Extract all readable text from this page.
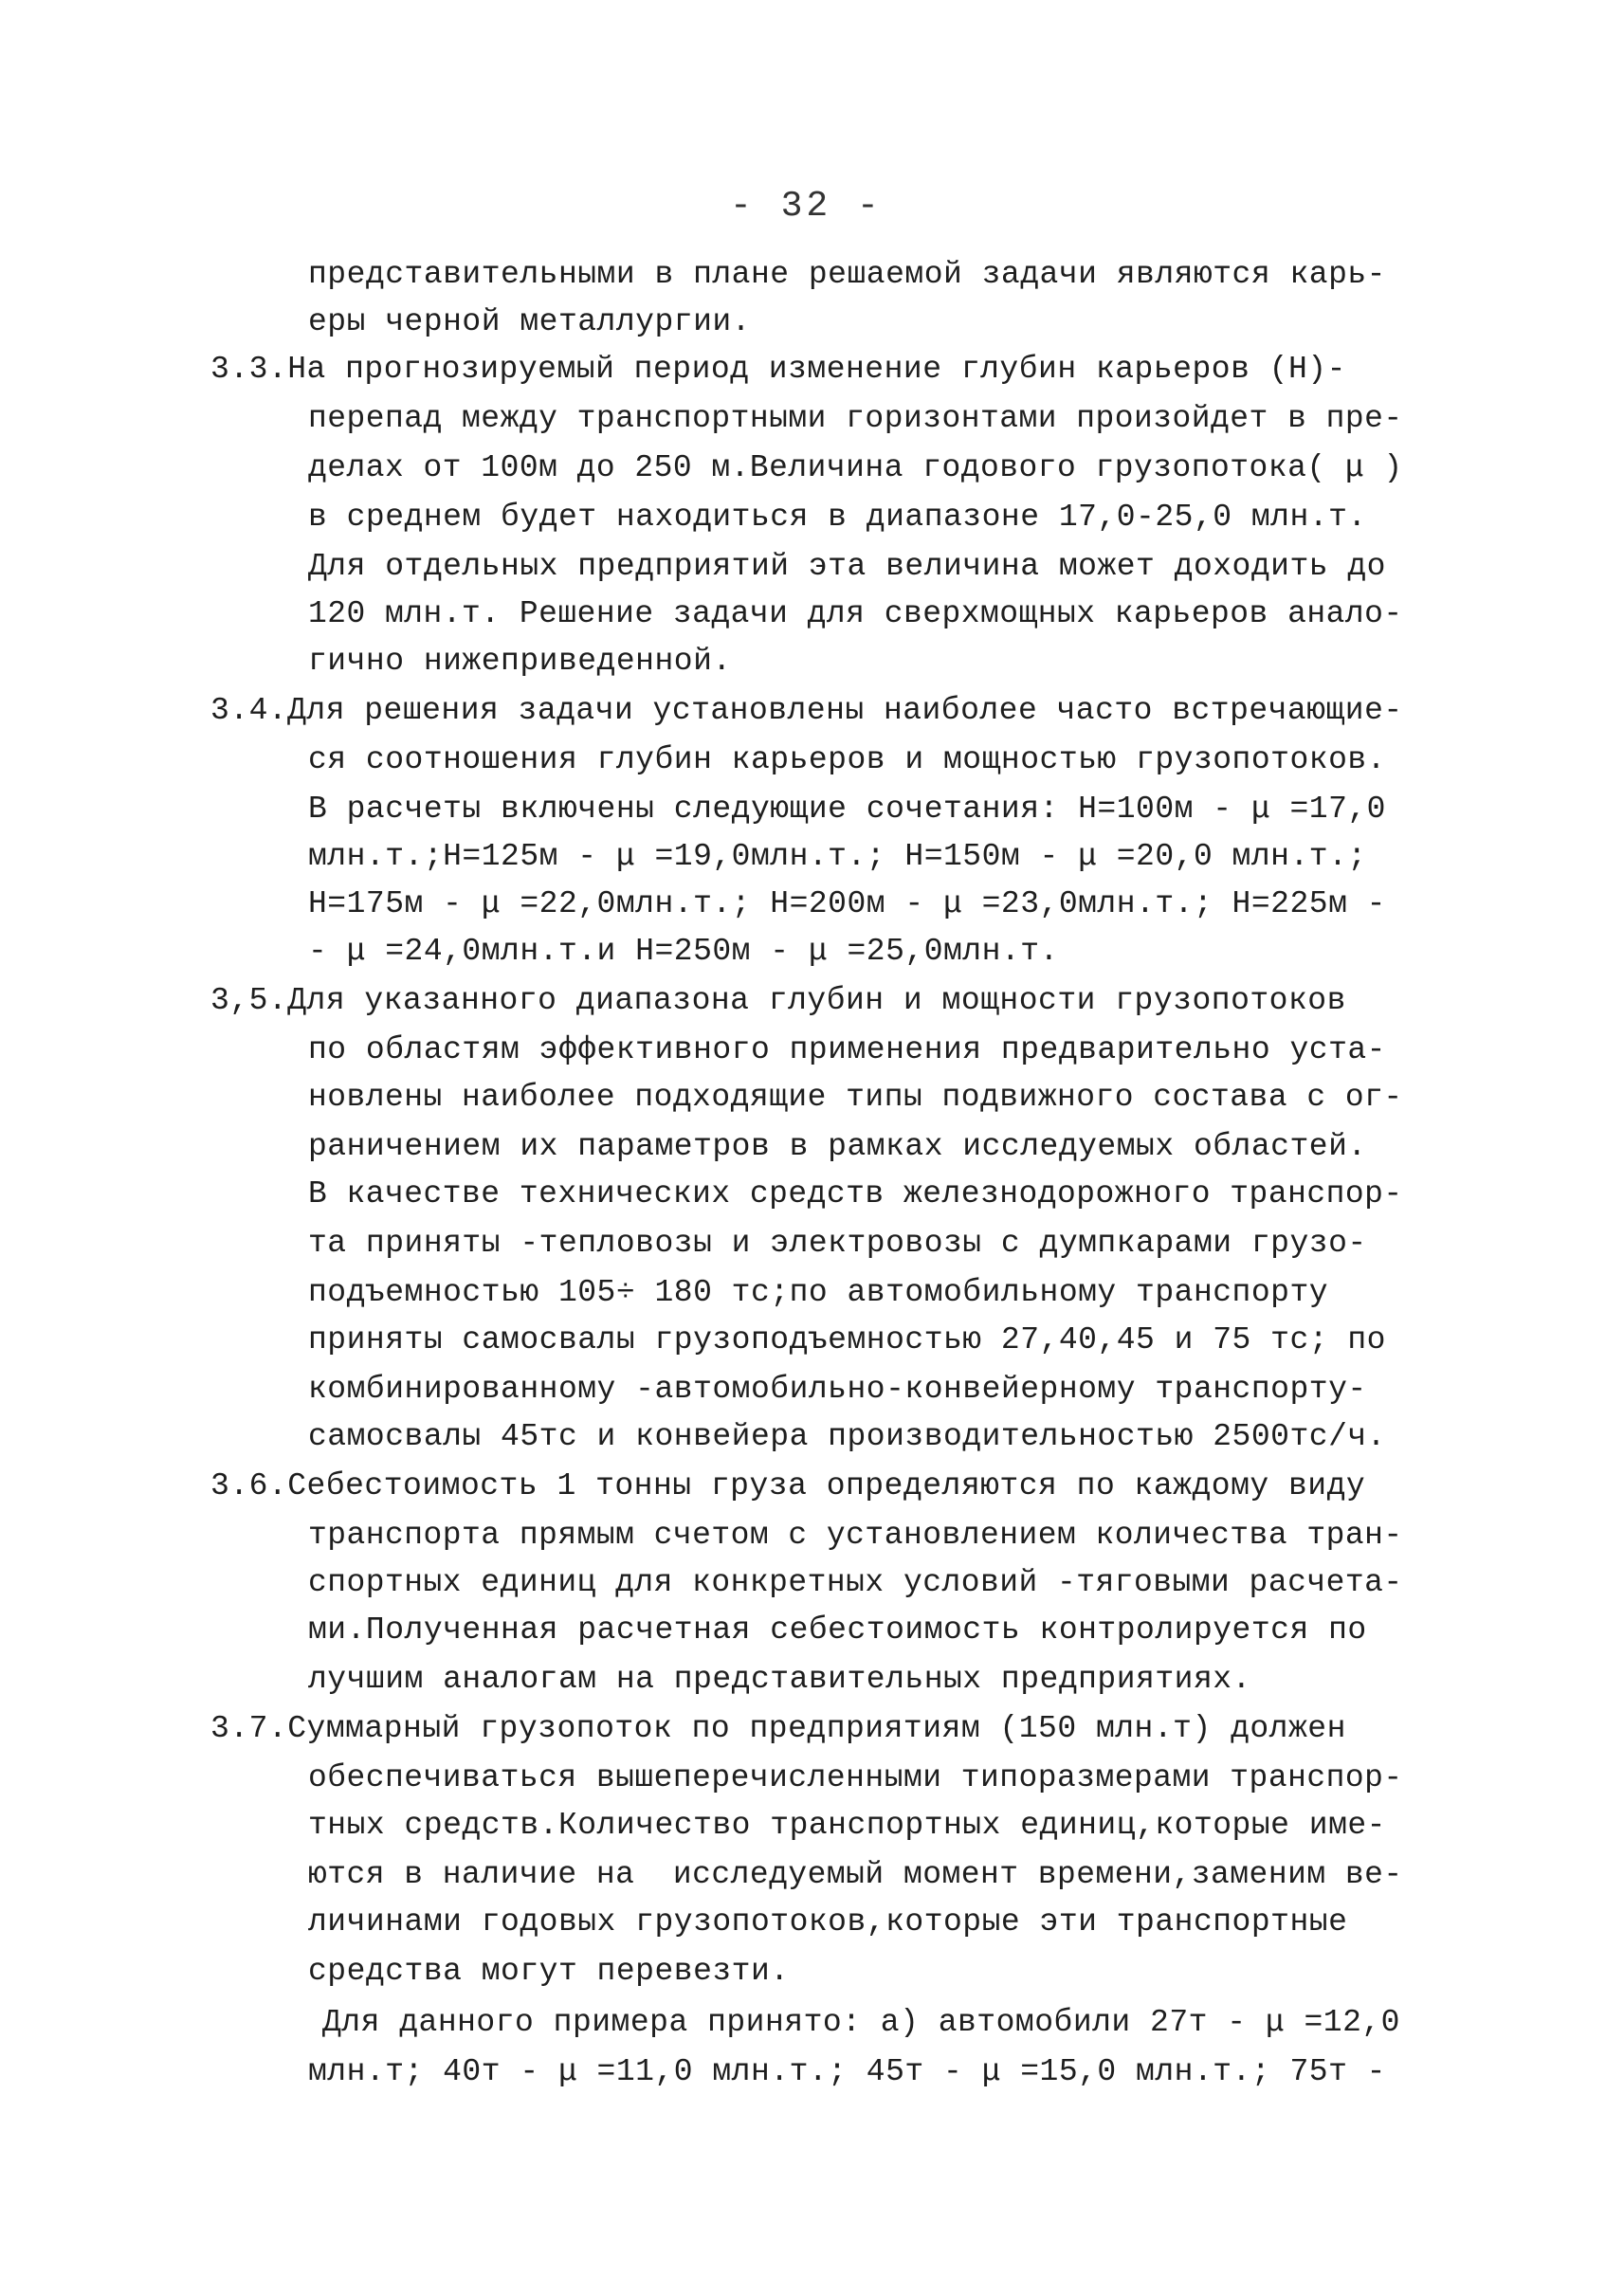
- 32 -
представительными в плане решаемой задачи являются карь-
еры черной металлургии.
3.3.На прогнозируемый период изменение глубин карьеров (Н)-
перепад между транспортными горизонтами произойдет в пре-
делах от 100м до 250 м.Величина годового грузопотока( μ )
в среднем будет находиться в диапазоне 17,0-25,0 млн.т.
Для отдельных предприятий эта величина может доходить до
120 млн.т. Решение задачи для сверхмощных карьеров анало-
гично нижеприведенной.
3.4.Для решения задачи установлены наиболее часто встречающие-
ся соотношения глубин карьеров и мощностью грузопотоков.
В расчеты включены следующие сочетания: Н=100м - μ =17,0
млн.т.;Н=125м - μ =19,0млн.т.; Н=150м - μ =20,0 млн.т.;
Н=175м - μ =22,0млн.т.; Н=200м - μ =23,0млн.т.; Н=225м -
- μ =24,0млн.т.и Н=250м - μ =25,0млн.т.
3,5.Для указанного диапазона глубин и мощности грузопотоков
по областям эффективного применения предварительно уста-
новлены наиболее подходящие типы подвижного состава с ог-
раничением их параметров в рамках исследуемых областей.
В качестве технических средств железнодорожного транспор-
та приняты -тепловозы и электровозы с думпкарами грузо-
подъемностью 105÷ 180 тс;по автомобильному транспорту
приняты самосвалы грузоподъемностью 27,40,45 и 75 тс; по
комбинированному -автомобильно-конвейерному транспорту-
самосвалы 45тс и конвейера производительностью 2500тс/ч.
3.6.Себестоимость 1 тонны груза определяются по каждому виду
транспорта прямым счетом с установлением количества тран-
спортных единиц для конкретных условий -тяговыми расчета-
ми.Полученная расчетная себестоимость контролируется по
лучшим аналогам на представительных предприятиях.
3.7.Суммарный грузопоток по предприятиям (150 млн.т) должен
обеспечиваться вышеперечисленными типоразмерами транспор-
тных средств.Количество транспортных единиц,которые име-
ются в наличие на  исследуемый момент времени,заменим ве-
личинами годовых грузопотоков,которые эти транспортные
средства могут перевезти.
Для данного примера принято: а) автомобили 27т - μ =12,0
млн.т; 40т - μ =11,0 млн.т.; 45т - μ =15,0 млн.т.; 75т -
